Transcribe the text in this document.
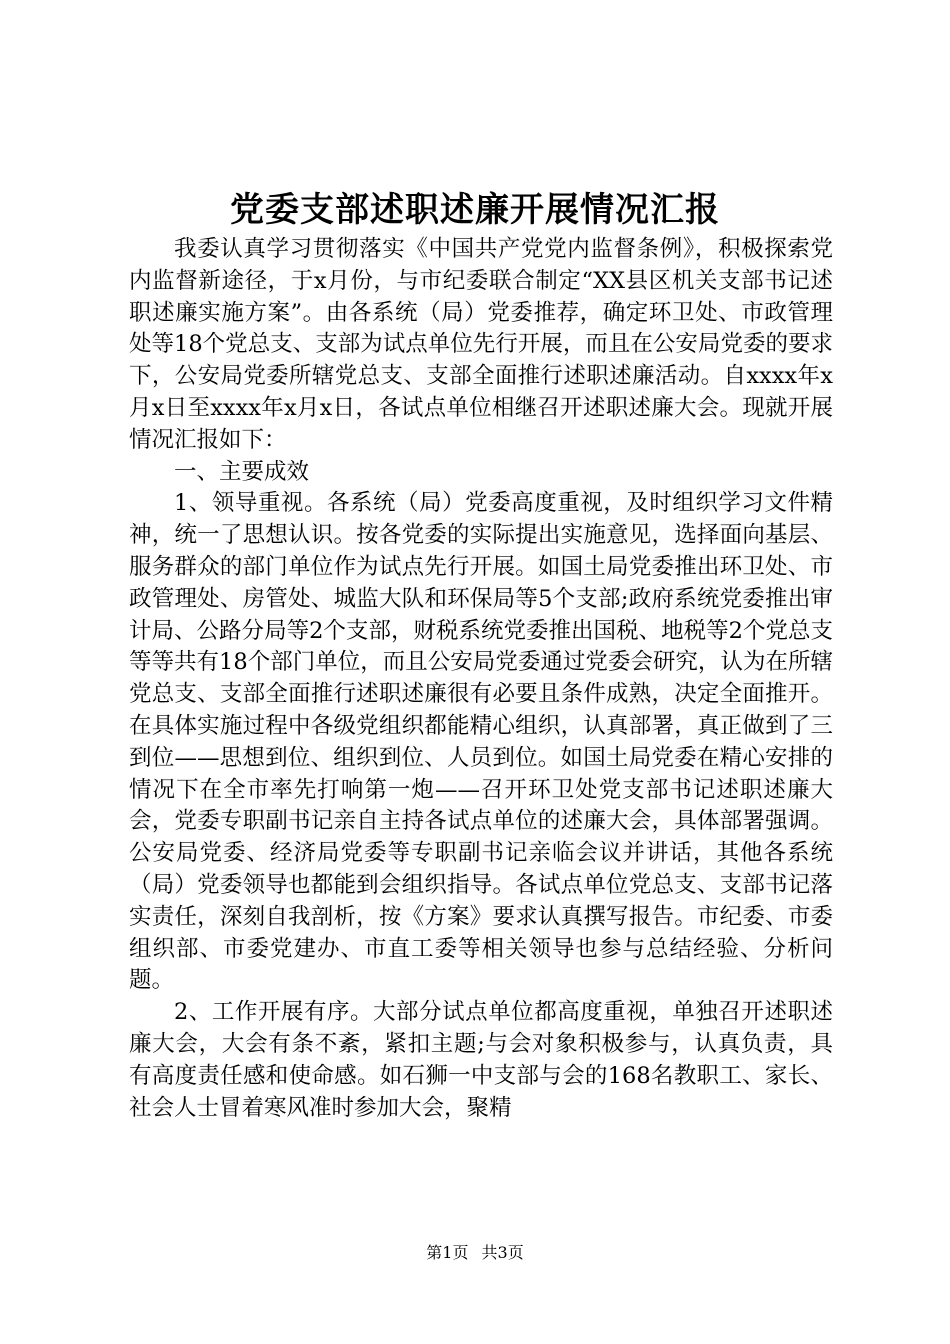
党委支部述职述廉开展情况汇报

我委认真学习贯彻落实《中国共产党党内监督条例》，积极探索党内监督新途径，于x月份，与市纪委联合制定“XX县区机关支部书记述职述廉实施方案”。由各系统（局）党委推荐，确定环卫处、市政管理处等18个党总支、支部为试点单位先行开展，而且在公安局党委的要求下，公安局党委所辖党总支、支部全面推行述职述廉活动。自xxxx年x月x日至xxxx年x月x日，各试点单位相继召开述职述廉大会。现就开展情况汇报如下：

一、主要成效

1、领导重视。各系统（局）党委高度重视，及时组织学习文件精神，统一了思想认识。按各党委的实际提出实施意见，选择面向基层、服务群众的部门单位作为试点先行开展。如国土局党委推出环卫处、市政管理处、房管处、城监大队和环保局等5个支部;政府系统党委推出审计局、公路分局等2个支部，财税系统党委推出国税、地税等2个党总支等等共有18个部门单位，而且公安局党委通过党委会研究，认为在所辖党总支、支部全面推行述职述廉很有必要且条件成熟，决定全面推开。在具体实施过程中各级党组织都能精心组织，认真部署，真正做到了三到位——思想到位、组织到位、人员到位。如国土局党委在精心安排的情况下在全市率先打响第一炮——召开环卫处党支部书记述职述廉大会，党委专职副书记亲自主持各试点单位的述廉大会，具体部署强调。公安局党委、经济局党委等专职副书记亲临会议并讲话，其他各系统（局）党委领导也都能到会组织指导。各试点单位党总支、支部书记落实责任，深刻自我剖析，按《方案》要求认真撰写报告。市纪委、市委组织部、市委党建办、市直工委等相关领导也参与总结经验、分析问题。

2、工作开展有序。大部分试点单位都高度重视，单独召开述职述廉大会，大会有条不紊，紧扣主题;与会对象积极参与，认真负责，具有高度责任感和使命感。如石狮一中支部与会的168名教职工、家长、社会人士冒着寒风准时参加大会，聚精

第1页 共3页
